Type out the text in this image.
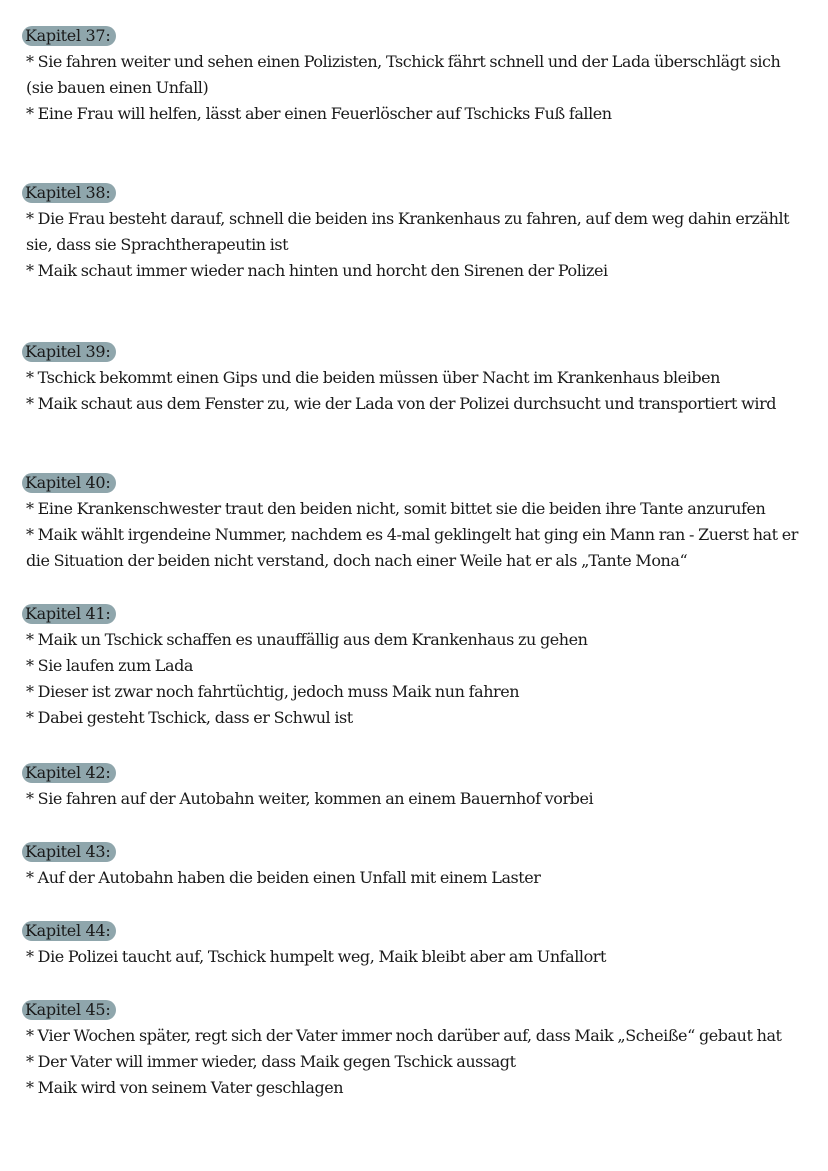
Kapitel 37:
* Sie fahren weiter und sehen einen Polizisten, Tschick fährt schnell und der Lada überschlägt sich (sie bauen einen Unfall)
* Eine Frau will helfen, lässt aber einen Feuerlöscher auf Tschicks Fuß fallen
Kapitel 38:
* Die Frau besteht darauf, schnell die beiden ins Krankenhaus zu fahren, auf dem weg dahin erzählt sie, dass sie Sprachtherapeutin ist
* Maik schaut immer wieder nach hinten und horcht den Sirenen der Polizei
Kapitel 39:
* Tschick bekommt einen Gips und die beiden müssen über Nacht im Krankenhaus bleiben
* Maik schaut aus dem Fenster zu, wie der Lada von der Polizei durchsucht und transportiert wird
Kapitel 40:
* Eine Krankenschwester traut den beiden nicht, somit bittet sie die beiden ihre Tante anzurufen
* Maik wählt irgendeine Nummer, nachdem es 4-mal geklingelt hat ging ein Mann ran - Zuerst hat er die Situation der beiden nicht verstand, doch nach einer Weile hat er als „Tante Mona“
Kapitel 41:
* Maik un Tschick schaffen es unauffällig aus dem Krankenhaus zu gehen
* Sie laufen zum Lada
* Dieser ist zwar noch fahrtüchtig, jedoch muss Maik nun fahren
* Dabei gesteht Tschick, dass er Schwul ist
Kapitel 42:
* Sie fahren auf der Autobahn weiter, kommen an einem Bauernhof vorbei
Kapitel 43:
* Auf der Autobahn haben die beiden einen Unfall mit einem Laster
Kapitel 44:
* Die Polizei taucht auf, Tschick humpelt weg, Maik bleibt aber am Unfallort
Kapitel 45:
* Vier Wochen später, regt sich der Vater immer noch darüber auf, dass Maik „Scheiße“ gebaut hat
* Der Vater will immer wieder, dass Maik gegen Tschick aussagt
* Maik wird von seinem Vater geschlagen
